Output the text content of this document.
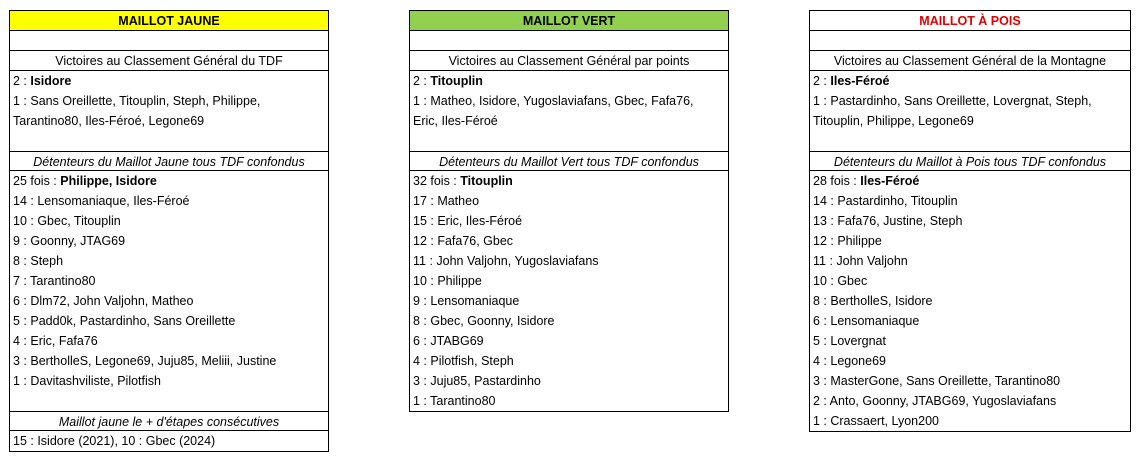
MAILLOT JAUNE
Victoires au Classement Général du TDF
2 : Isidore
1 : Sans Oreillette, Titouplin, Steph, Philippe,
Tarantino80, Iles-Féroé, Legone69
Détenteurs du Maillot Jaune tous TDF confondus
25 fois : Philippe, Isidore
14 : Lensomaniaque, Iles-Féroé
10 : Gbec, Titouplin
9 : Goonny, JTAG69
8 : Steph
7 : Tarantino80
6 : Dlm72, John Valjohn, Matheo
5 : Padd0k, Pastardinho, Sans Oreillette
4 : Eric, Fafa76
3 : BertholleS, Legone69, Juju85, Meliii, Justine
1 : Davitashviliste, Pilotfish
Maillot jaune le + d'étapes consécutives
15 : Isidore (2021), 10 : Gbec (2024)
MAILLOT VERT
Victoires au Classement Général par points
2 : Titouplin
1 : Matheo, Isidore, Yugoslaviafans, Gbec, Fafa76,
Eric, Iles-Féroé
Détenteurs du Maillot Vert tous TDF confondus
32 fois : Titouplin
17 : Matheo
15 : Eric, Iles-Féroé
12 : Fafa76, Gbec
11 : John Valjohn, Yugoslaviafans
10 : Philippe
9 : Lensomaniaque
8 : Gbec, Goonny, Isidore
6 : JTABG69
4 : Pilotfish, Steph
3 : Juju85, Pastardinho
1 : Tarantino80
MAILLOT À POIS
Victoires au Classement Général de la Montagne
2 : Iles-Féroé
1 : Pastardinho, Sans Oreillette, Lovergnat, Steph,
Titouplin, Philippe, Legone69
Détenteurs du Maillot à Pois tous TDF confondus
28 fois : Iles-Féroé
14 : Pastardinho, Titouplin
13 : Fafa76, Justine, Steph
12 : Philippe
11 : John Valjohn
10 : Gbec
8 : BertholleS, Isidore
6 : Lensomaniaque
5 : Lovergnat
4 : Legone69
3 : MasterGone, Sans Oreillette, Tarantino80
2 : Anto, Goonny, JTABG69, Yugoslaviafans
1 : Crassaert, Lyon200
